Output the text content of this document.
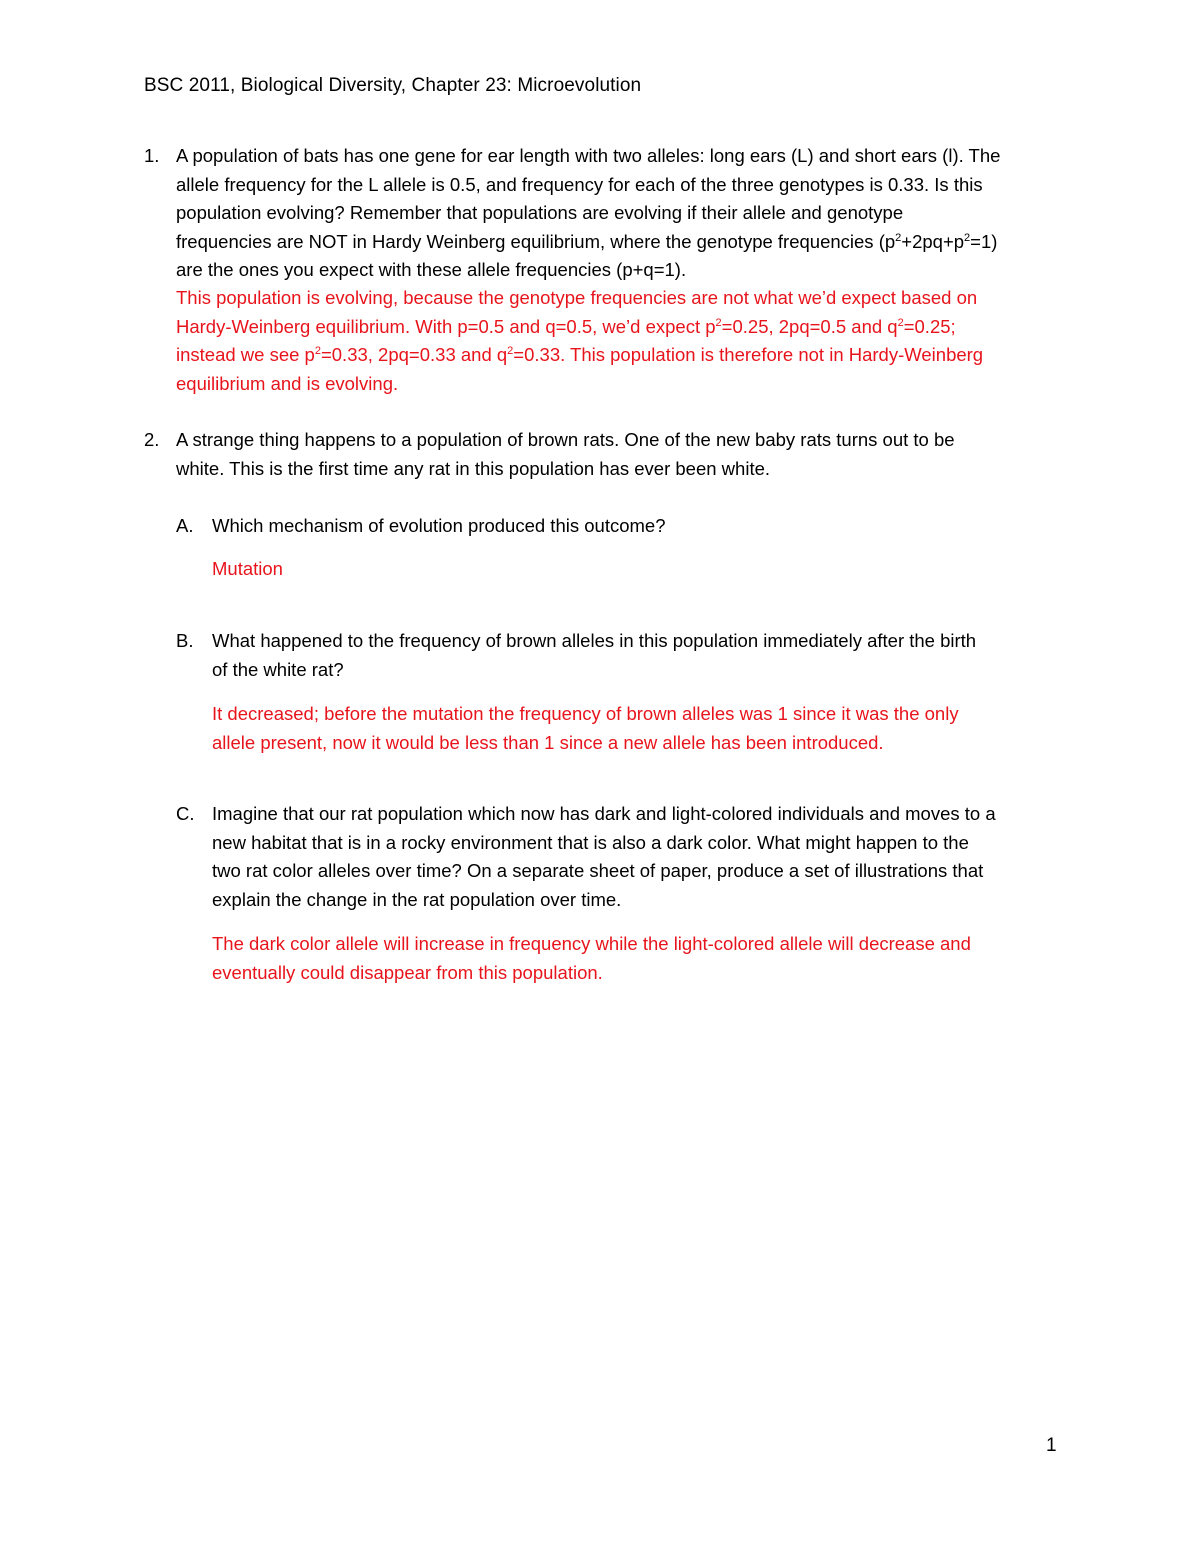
BSC 2011, Biological Diversity, Chapter 23: Microevolution
1. A population of bats has one gene for ear length with two alleles: long ears (L) and short ears (l). The
allele frequency for the L allele is 0.5, and frequency for each of the three genotypes is 0.33. Is this
population evolving? Remember that populations are evolving if their allele and genotype
frequencies are NOT in Hardy Weinberg equilibrium, where the genotype frequencies $(p^2+2pq+p^2=1)$
are the ones you expect with these allele frequencies (p+q=1).
This population is evolving, because the genotype frequencies are not what we’d expect based on
Hardy-Weinberg equilibrium. With p=0.5 and q=0.5, we’d expect $p^2=0.25$, 2pq=0.5 and $q^2=0.25$;
instead we see $p^2=0.33$, 2pq=0.33 and $q^2=0.33$. This population is therefore not in Hardy-Weinberg
equilibrium and is evolving.
2. A strange thing happens to a population of brown rats. One of the new baby rats turns out to be
white. This is the first time any rat in this population has ever been white.
A. Which mechanism of evolution produced this outcome?
Mutation
B. What happened to the frequency of brown alleles in this population immediately after the birth
of the white rat?
It decreased; before the mutation the frequency of brown alleles was 1 since it was the only
allele present, now it would be less than 1 since a new allele has been introduced.
C. Imagine that our rat population which now has dark and light-colored individuals and moves to a
new habitat that is in a rocky environment that is also a dark color. What might happen to the
two rat color alleles over time? On a separate sheet of paper, produce a set of illustrations that
explain the change in the rat population over time.
The dark color allele will increase in frequency while the light-colored allele will decrease and
eventually could disappear from this population.
1
